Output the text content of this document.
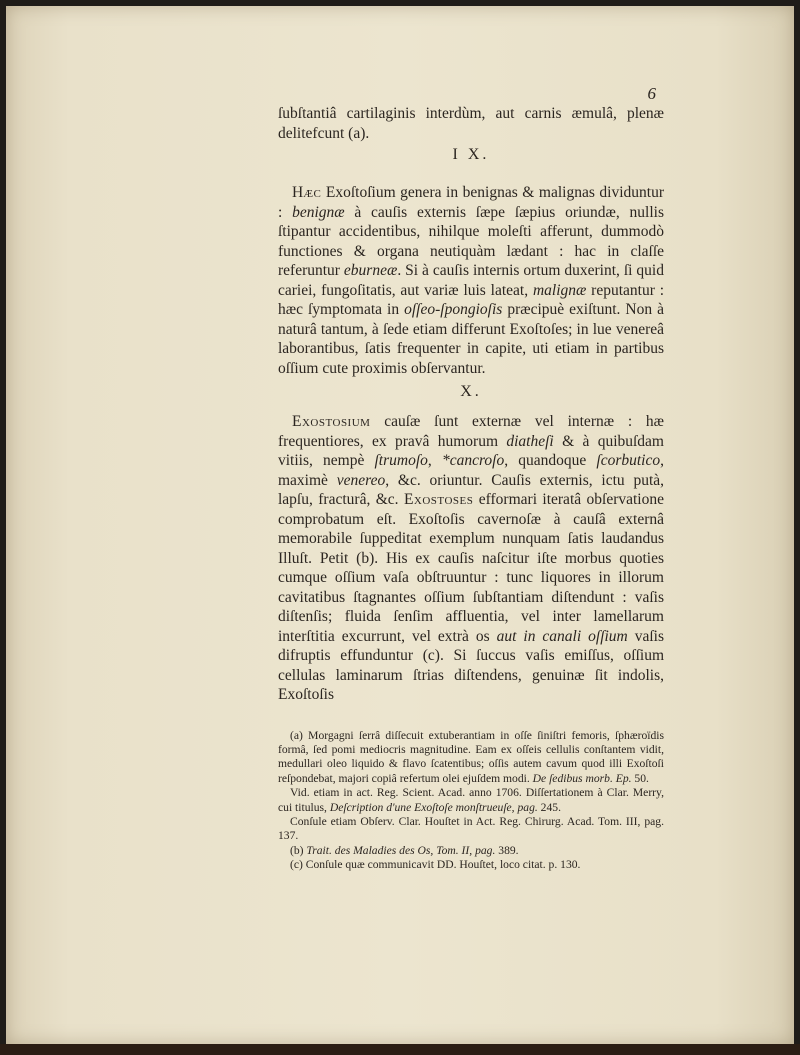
6

ſubſtantiâ cartilaginis interdùm, aut carnis æmulâ, plenæ delitefcunt (a).

I X.

Hæc Exoſtoſium genera in benignas & malignas dividuntur : benignæ à cauſis externis ſæpe ſæpius oriundæ, nullis ſtipantur accidentibus, nihilque moleſti afferunt, dummodò functiones & organa neutiquàm lædant : hac in claſſe referuntur eburneæ. Si à cauſis internis ortum duxerint, ſi quid cariei, fungoſitatis, aut variæ luis lateat, malignæ reputantur : hæc ſymptomata in oſſeo-ſpongioſis præcipuè exiſtunt. Non à naturâ tantum, à ſede etiam differunt Exoſtoſes; in lue venereâ laborantibus, ſatis frequenter in capite, uti etiam in partibus oſſium cute proximis obſervantur.

X.

Exostosium cauſæ ſunt externæ vel internæ : hæ frequentiores, ex pravâ humorum diatheſi & à quibuſdam vitiis, nempè ſtrumoſo, *cancroſo, quandoque ſcorbutico, maximè venereo, &c. oriuntur. Cauſis externis, ictu putà, lapſu, fracturâ, &c. Exostoses efformari iteratâ obſervatione comprobatum eſt. Exoſtoſis cavernoſæ à cauſâ externâ memorabile ſuppeditat exemplum nunquam ſatis laudandus Illuſt. Petit (b). His ex cauſis naſcitur iſte morbus quoties cumque oſſium vaſa obſtruuntur : tunc liquores in illorum cavitatibus ſtagnantes oſſium ſubſtantiam diſtendunt : vaſis diſtenſis; fluida ſenſim affluentia, vel inter lamellarum interſtitia excurrunt, vel extrà os aut in canali oſſium vaſis difruptis effunduntur (c). Si ſuccus vaſis emiſſus, oſſium cellulas laminarum ſtrias diſtendens, genuinæ ſit indolis, Exoſtoſis

(a) Morgagni ſerrâ diſſecuit extuberantiam in oſſe ſiniſtri femoris, ſphæroïdis formâ, ſed pomi mediocris magnitudine. Eam ex oſſeis cellulis conſtantem vidit, medullari oleo liquido & flavo ſcatentibus; oſſis autem cavum quod illi Exoſtoſi reſpondebat, majori copiâ refertum olei ejuſdem modi. De ſedibus morb. Ep. 50.

Vid. etiam in act. Reg. Scient. Acad. anno 1706. Diſſertationem à Clar. Merry, cui titulus, Deſcription d'une Exoſtoſe monſtrueuſe, pag. 245.

Conſule etiam Obſerv. Clar. Houſtet in Act. Reg. Chirurg. Acad. Tom. III, pag. 137.

(b) Trait. des Maladies des Os, Tom. II, pag. 389.

(c) Conſule quæ communicavit DD. Houſtet, loco citat. p. 130.
